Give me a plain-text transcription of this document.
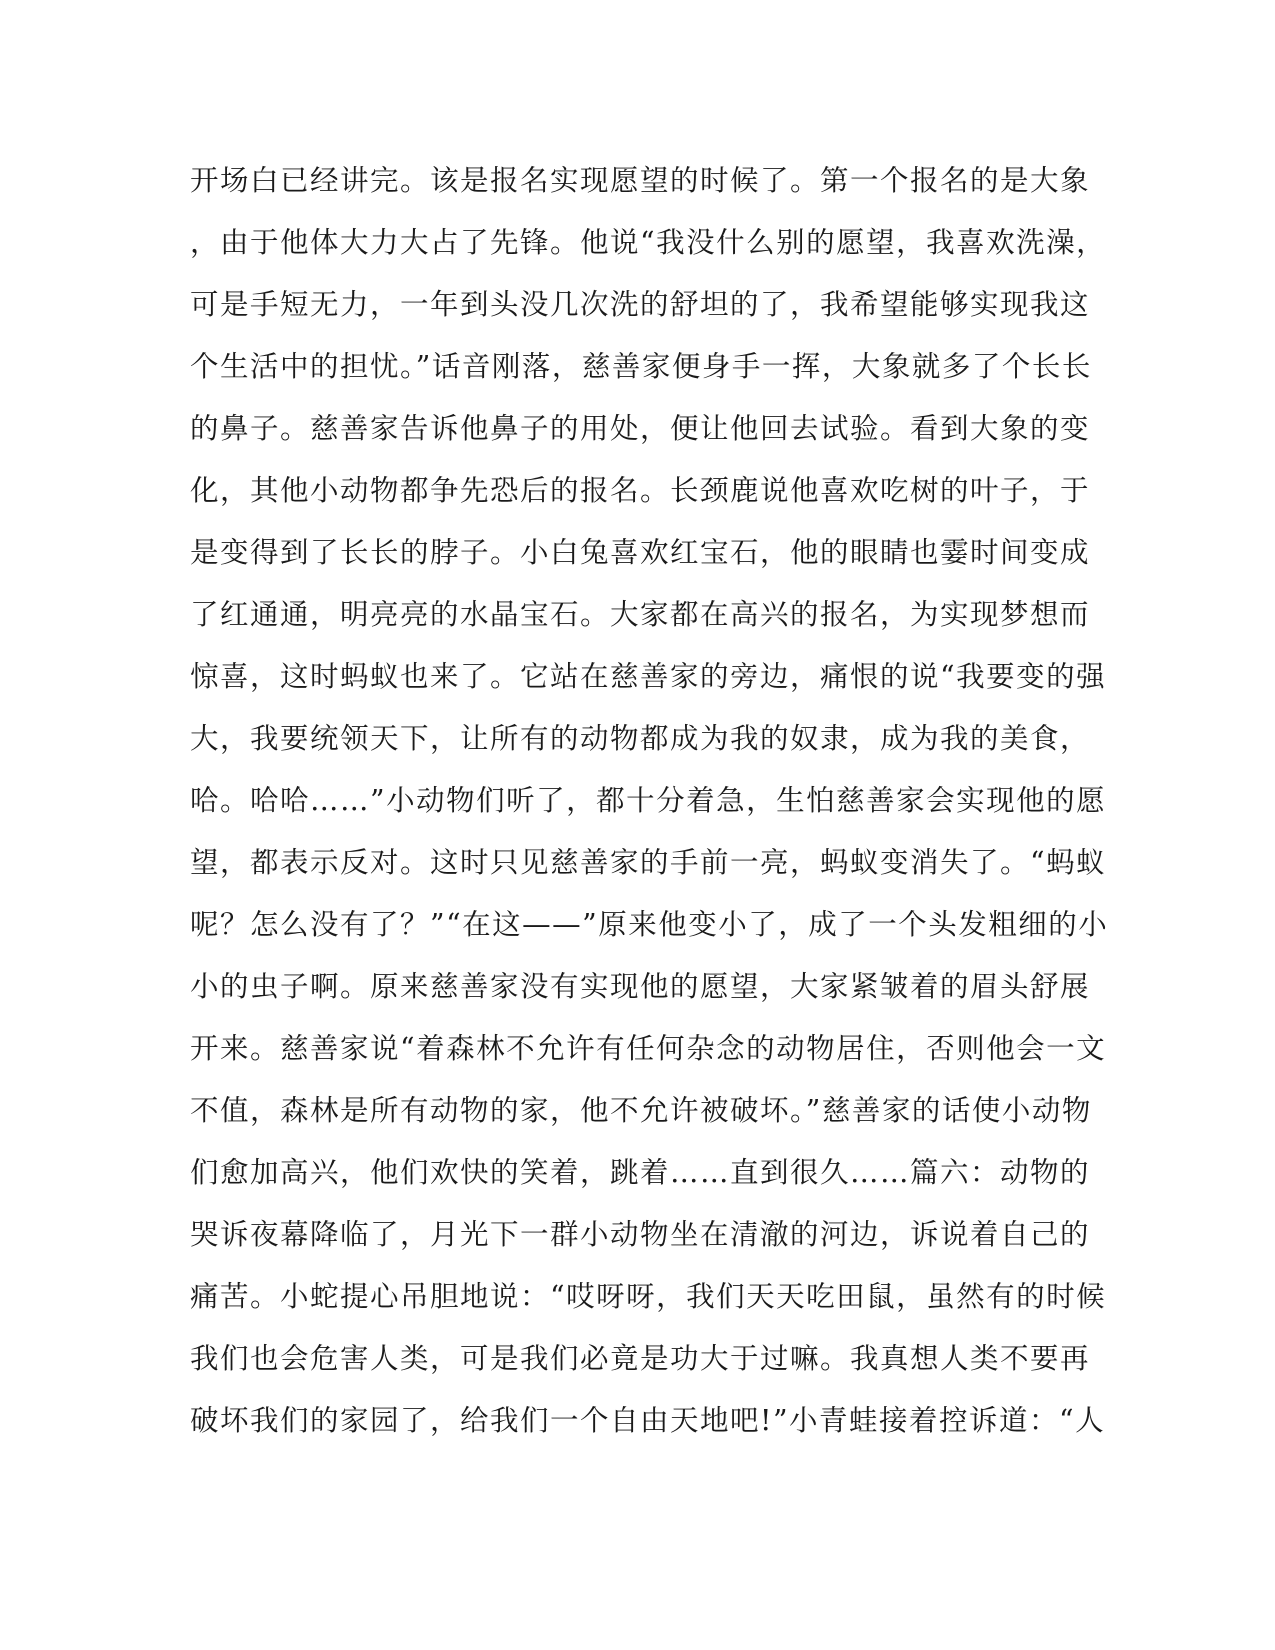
开场白已经讲完。该是报名实现愿望的时候了。第一个报名的是大象
，由于他体大力大占了先锋。他说“我没什么别的愿望，我喜欢洗澡，
可是手短无力，一年到头没几次洗的舒坦的了，我希望能够实现我这
个生活中的担忧。”话音刚落，慈善家便身手一挥，大象就多了个长长
的鼻子。慈善家告诉他鼻子的用处，便让他回去试验。看到大象的变
化，其他小动物都争先恐后的报名。长颈鹿说他喜欢吃树的叶子，于
是变得到了长长的脖子。小白兔喜欢红宝石，他的眼睛也霎时间变成
了红通通，明亮亮的水晶宝石。大家都在高兴的报名，为实现梦想而
惊喜，这时蚂蚁也来了。它站在慈善家的旁边，痛恨的说“我要变的强
大，我要统领天下，让所有的动物都成为我的奴隶，成为我的美食，
哈。哈哈……”小动物们听了，都十分着急，生怕慈善家会实现他的愿
望，都表示反对。这时只见慈善家的手前一亮，蚂蚁变消失了。“蚂蚁
呢？怎么没有了？”“在这——”原来他变小了，成了一个头发粗细的小
小的虫子啊。原来慈善家没有实现他的愿望，大家紧皱着的眉头舒展
开来。慈善家说“着森林不允许有任何杂念的动物居住，否则他会一文
不值，森林是所有动物的家，他不允许被破坏。”慈善家的话使小动物
们愈加高兴，他们欢快的笑着，跳着……直到很久……篇六：动物的
哭诉夜幕降临了，月光下一群小动物坐在清澈的河边，诉说着自己的
痛苦。小蛇提心吊胆地说：“哎呀呀，我们天天吃田鼠，虽然有的时候
我们也会危害人类，可是我们必竟是功大于过嘛。我真想人类不要再
破坏我们的家园了，给我们一个自由天地吧!”小青蛙接着控诉道：“人
